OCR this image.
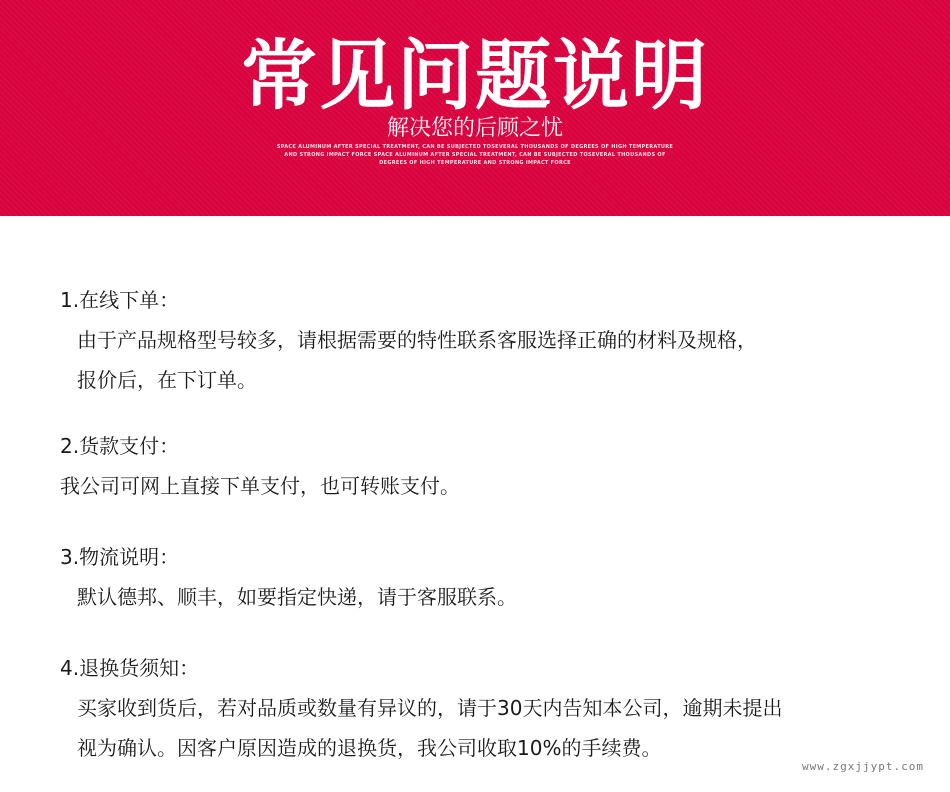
常见问题说明
解决您的后顾之忧
SPACE ALUMINUM AFTER SPECIAL TREATMENT, CAN BE SUBJECTED TOSEVERAL THOUSANDS OF DEGREES OF HIGH TEMPERATURE AND STRONG IMPACT FORCE SPACE ALUMINUM AFTER SPECIAL TREATMENT, CAN BE SUBJECTED TOSEVERAL THOUSANDS OF DEGREES OF HIGH TEMPERATURE AND STRONG IMPACT FORCE
1.在线下单：
由于产品规格型号较多，请根据需要的特性联系客服选择正确的材料及规格，
报价后，在下订单。
2.货款支付：
我公司可网上直接下单支付，也可转账支付。
3.物流说明：
默认德邦、顺丰，如要指定快递，请于客服联系。
4.退换货须知：
买家收到货后，若对品质或数量有异议的，请于30天内告知本公司，逾期未提出
视为确认。因客户原因造成的退换货，我公司收取10%的手续费。
www.zgxjjypt.com
